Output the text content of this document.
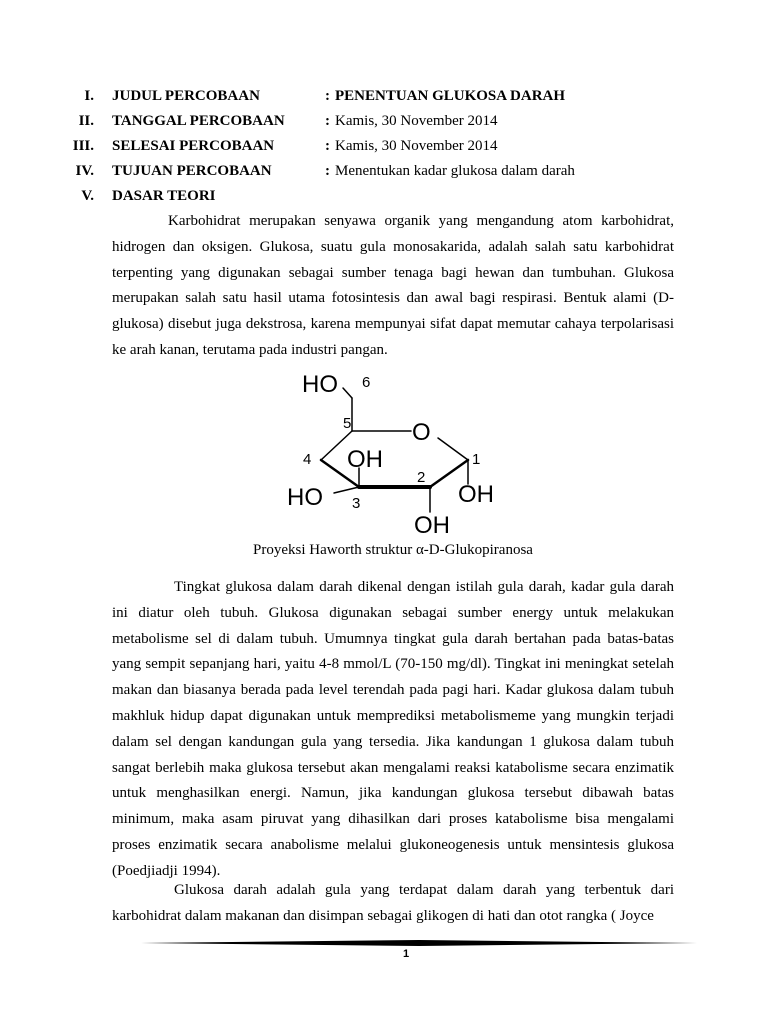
I. JUDUL PERCOBAAN	: PENENTUAN GLUKOSA DARAH
II. TANGGAL PERCOBAAN	: Kamis, 30 November 2014
III. SELESAI PERCOBAAN	: Kamis, 30 November 2014
IV. TUJUAN PERCOBAAN	: Menentukan kadar glukosa dalam darah
V. DASAR TEORI

Karbohidrat merupakan senyawa organik yang mengandung atom karbohidrat, hidrogen dan oksigen. Glukosa, suatu gula monosakarida, adalah salah satu karbohidrat terpenting yang digunakan sebagai sumber tenaga bagi hewan dan tumbuhan. Glukosa merupakan salah satu hasil utama fotosintesis dan awal bagi respirasi. Bentuk alami (D- glukosa) disebut juga dekstrosa, karena mempunyai sifat dapat memutar cahaya terpolarisasi ke arah kanan, terutama pada industri pangan.

HO 6
5	O
4 OH
2
1
HO 3	OH
OH
Proyeksi Haworth struktur α-D-Glukopiranosa

Tingkat glukosa dalam darah dikenal dengan istilah gula darah, kadar gula darah ini diatur oleh tubuh. Glukosa digunakan sebagai sumber energy untuk melakukan metabolisme sel di dalam tubuh. Umumnya tingkat gula darah bertahan pada batas-batas yang sempit sepanjang hari, yaitu 4-8 mmol/L (70-150 mg/dl). Tingkat ini meningkat setelah makan dan biasanya berada pada level terendah pada pagi hari. Kadar glukosa dalam tubuh makhluk hidup dapat digunakan untuk memprediksi metabolismeme yang mungkin terjadi dalam sel dengan kandungan gula yang tersedia. Jika kandungan 1 glukosa dalam tubuh sangat berlebih maka glukosa tersebut akan mengalami reaksi katabolisme secara enzimatik untuk menghasilkan energi. Namun, jika kandungan glukosa tersebut dibawah batas minimum, maka asam piruvat yang dihasilkan dari proses katabolisme bisa mengalami proses enzimatik secara anabolisme melalui glukoneogenesis untuk mensintesis glukosa (Poedjiadji 1994).

Glukosa darah adalah gula yang terdapat dalam darah yang terbentuk dari karbohidrat dalam makanan dan disimpan sebagai glikogen di hati dan otot rangka ( Joyce

1
